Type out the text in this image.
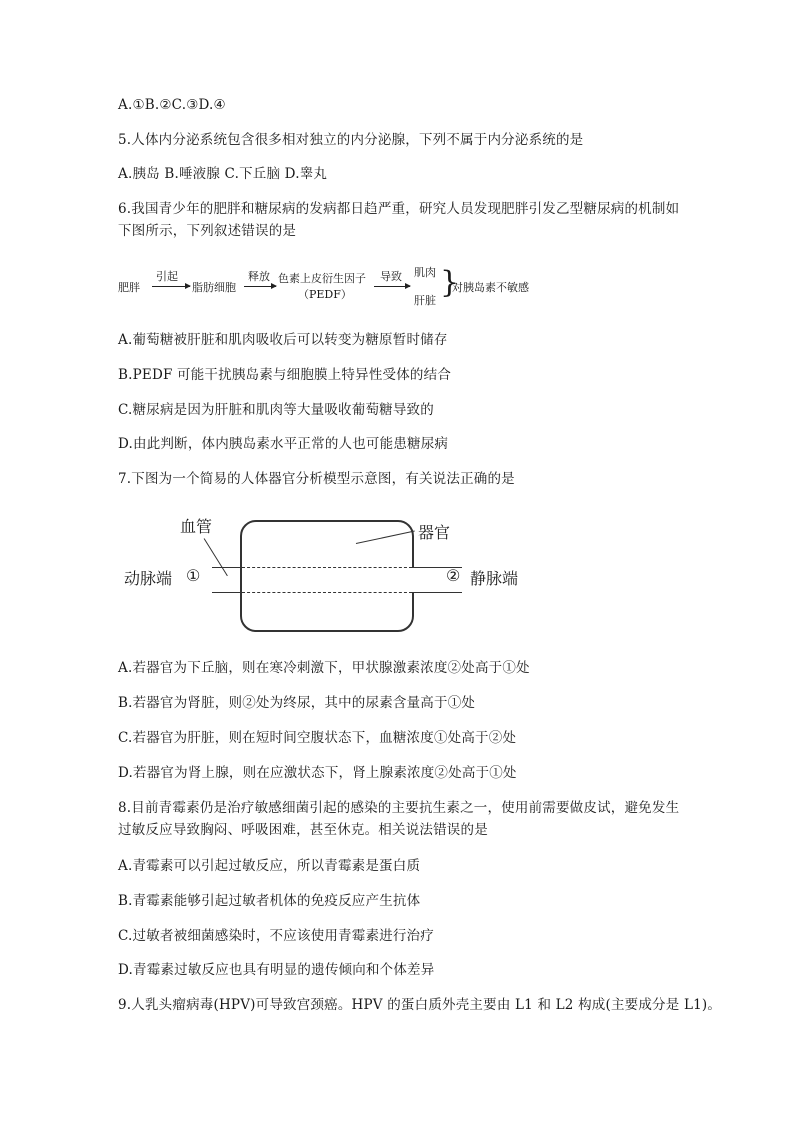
A.①B.②C.③D.④
5.人体内分泌系统包含很多相对独立的内分泌腺，下列不属于内分泌系统的是
A.胰岛 B.唾液腺 C.下丘脑 D.睾丸
6.我国青少年的肥胖和糖尿病的发病都日趋严重，研究人员发现肥胖引发乙型糖尿病的机制如下图所示，下列叙述错误的是
肥胖
引起
脂肪细胞
释放 色素上皮衍生因子
（PEDF）
导致 肌肉
肝脏
}
对胰岛素不敏感
A.葡萄糖被肝脏和肌肉吸收后可以转变为糖原暂时储存
B.PEDF 可能干扰胰岛素与细胞膜上特异性受体的结合
C.糖尿病是因为肝脏和肌肉等大量吸收葡萄糖导致的
D.由此判断，体内胰岛素水平正常的人也可能患糖尿病
7.下图为一个简易的人体器官分析模型示意图，有关说法正确的是
血管	器官
动脉端 ①	② 静脉端
A.若器官为下丘脑，则在寒冷刺激下，甲状腺激素浓度②处高于①处
B.若器官为肾脏，则②处为终尿，其中的尿素含量高于①处
C.若器官为肝脏，则在短时间空腹状态下，血糖浓度①处高于②处
D.若器官为肾上腺，则在应激状态下，肾上腺素浓度②处高于①处
8.目前青霉素仍是治疗敏感细菌引起的感染的主要抗生素之一，使用前需要做皮试，避免发生过敏反应导致胸闷、呼吸困难，甚至休克。相关说法错误的是
A.青霉素可以引起过敏反应，所以青霉素是蛋白质
B.青霉素能够引起过敏者机体的免疫反应产生抗体
C.过敏者被细菌感染时，不应该使用青霉素进行治疗
D.青霉素过敏反应也具有明显的遗传倾向和个体差异
9.人乳头瘤病毒(HPV)可导致宫颈癌。HPV 的蛋白质外壳主要由 L1 和 L2 构成(主要成分是 L1)。
